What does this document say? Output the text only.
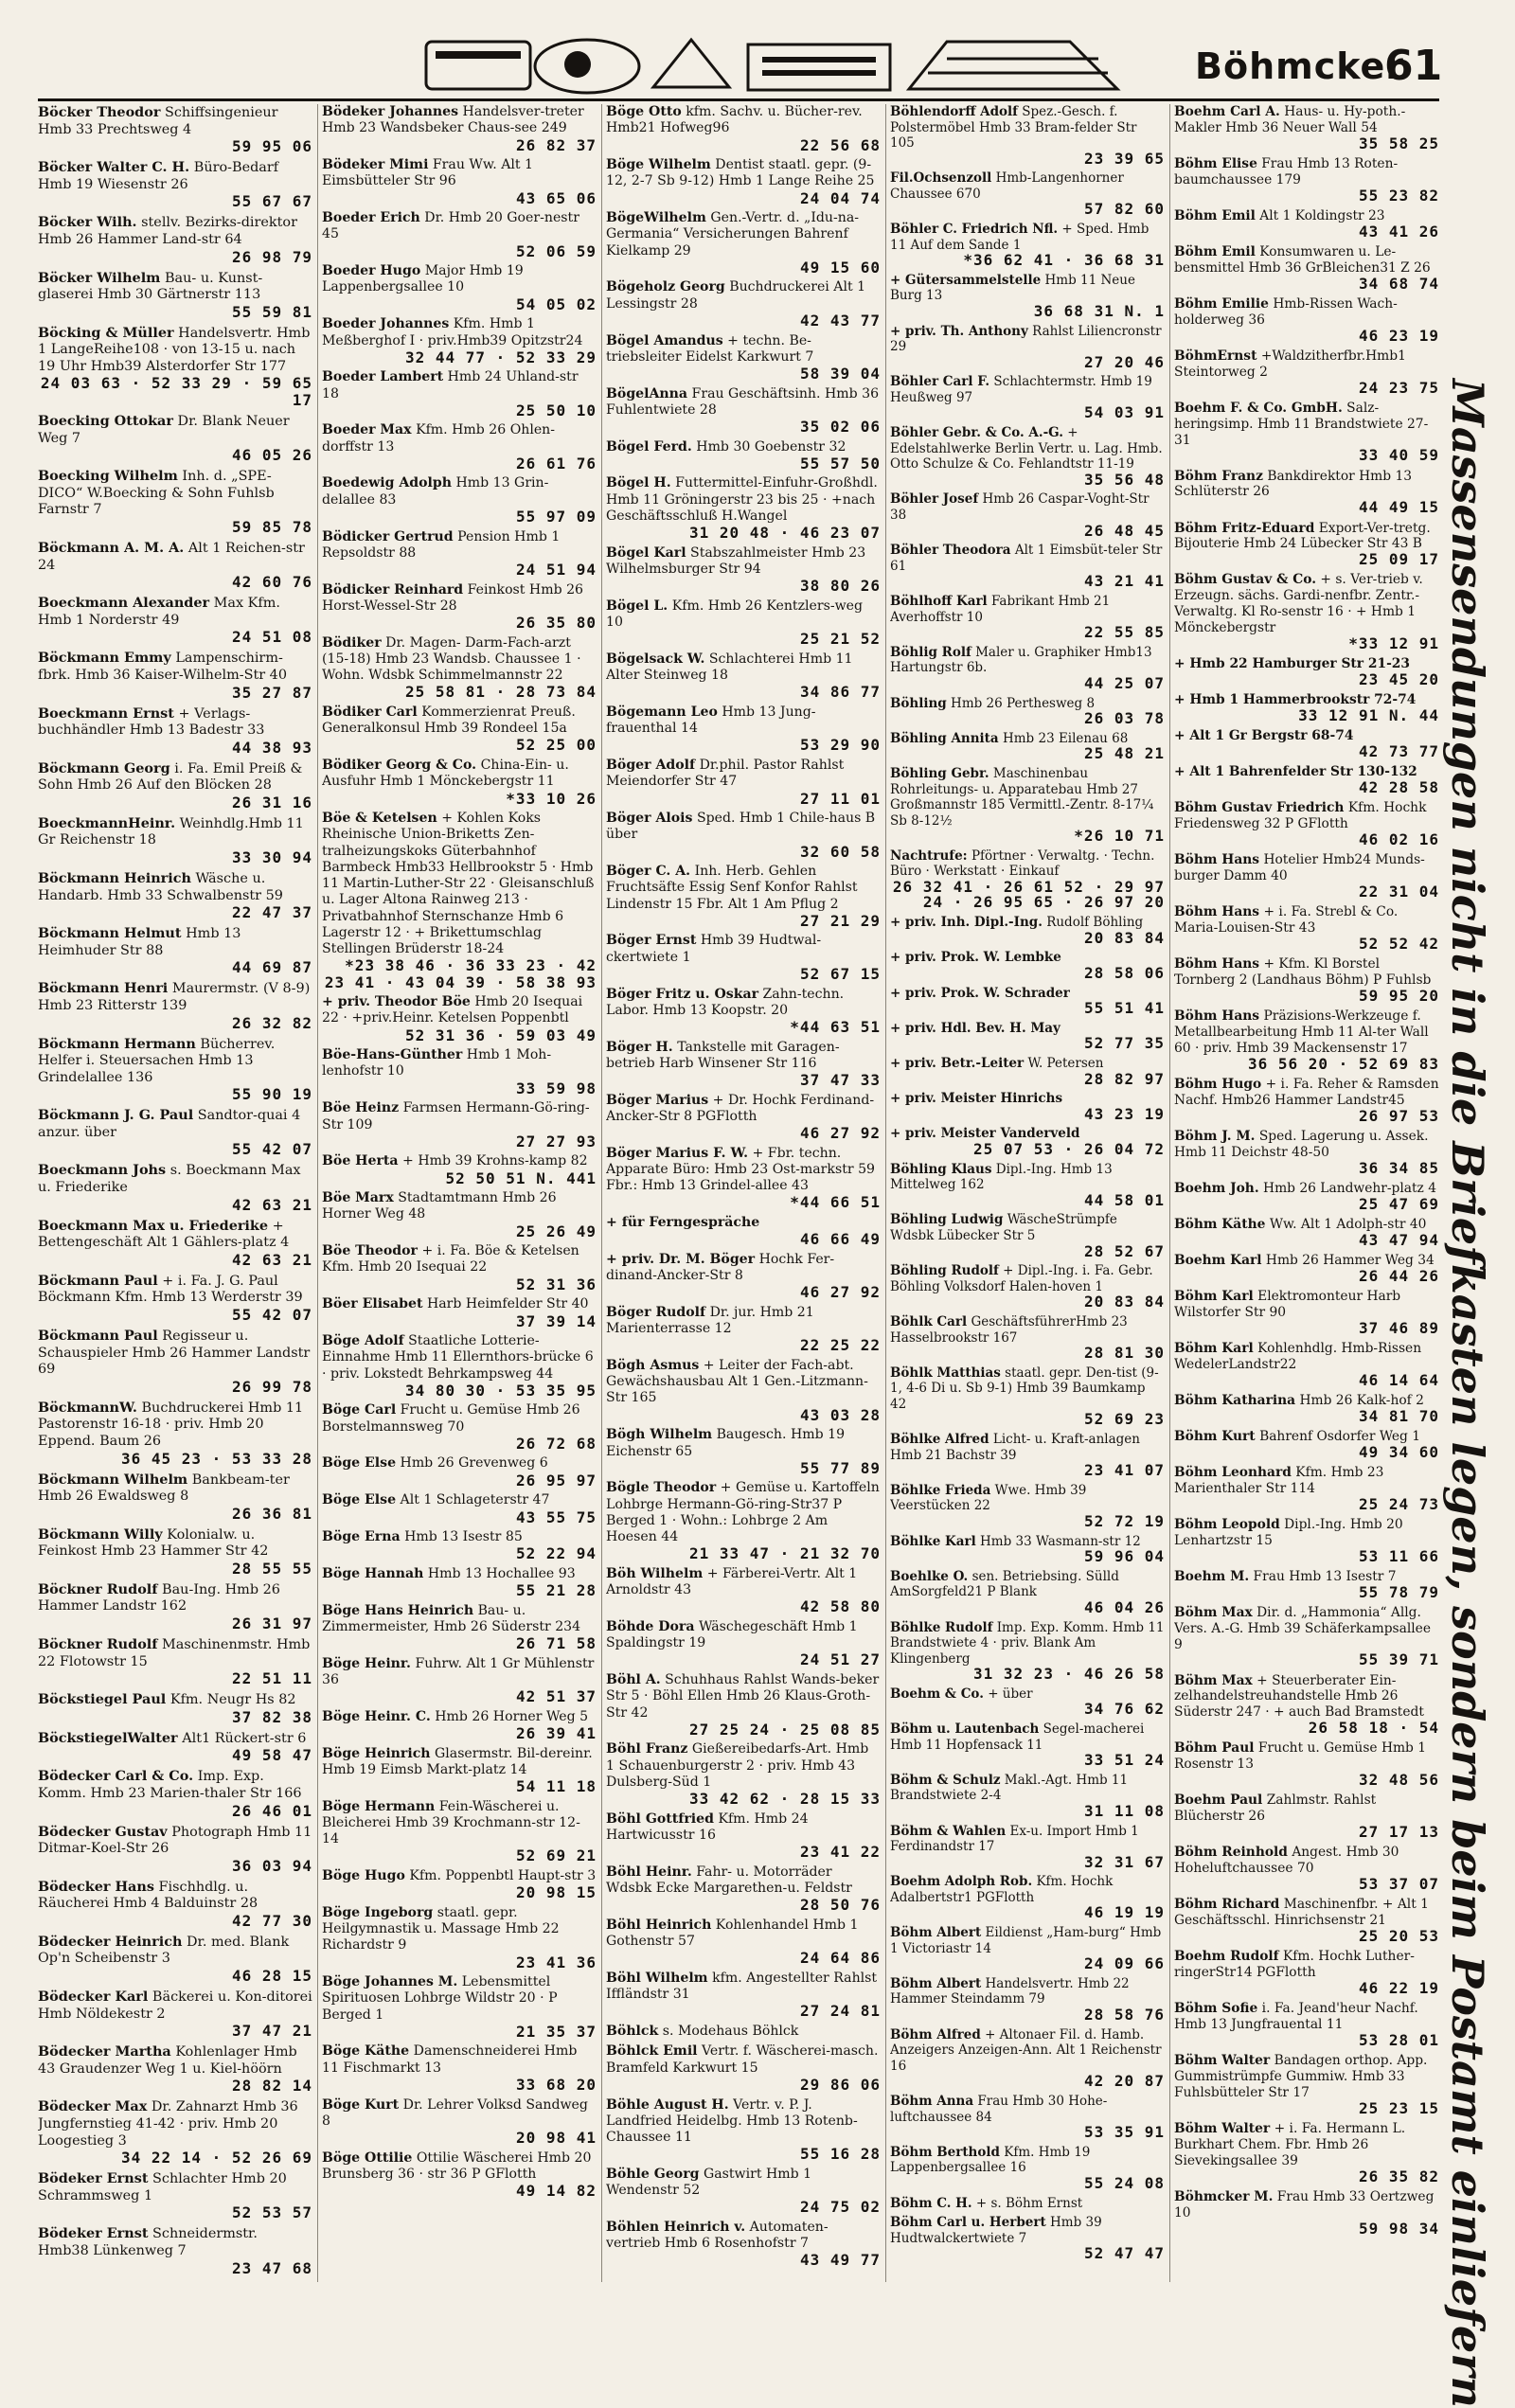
Böhmcker
61
Böcker Theodor Schiffsingenieur Hmb 33 Prechtsweg 4
59 95 06
Böcker Walter C. H. Büro-Bedarf Hmb 19 Wiesenstr 26
55 67 67
Böcker Wilh. stellv. Bezirks-direktor Hmb 26 Hammer Land-str 64
26 98 79
Böcker Wilhelm Bau- u. Kunst-glaserei Hmb 30 Gärtnerstr 113
55 59 81
Böcking & Müller Handelsvertr. Hmb 1 LangeReihe108 · von 13-15 u. nach 19 Uhr Hmb39 Alsterdorfer Str 177
24 03 63 · 52 33 29 · 59 65 17
Boecking Ottokar Dr. Blank Neuer Weg 7
46 05 26
Boecking Wilhelm Inh. d. „SPE-DICO“ W.Boecking & Sohn Fuhlsb Farnstr 7
59 85 78
Böckmann A. M. A. Alt 1 Reichen-str 24
42 60 76
Boeckmann Alexander Max Kfm. Hmb 1 Norderstr 49
24 51 08
Böckmann Emmy Lampenschirm-fbrk. Hmb 36 Kaiser-Wilhelm-Str 40
35 27 87
Boeckmann Ernst + Verlags-buchhändler Hmb 13 Badestr 33
44 38 93
Böckmann Georg i. Fa. Emil Preiß & Sohn Hmb 26 Auf den Blöcken 28
26 31 16
BoeckmannHeinr. Weinhdlg.Hmb 11 Gr Reichenstr 18
33 30 94
Böckmann Heinrich Wäsche u. Handarb. Hmb 33 Schwalbenstr 59
22 47 37
Böckmann Helmut Hmb 13 Heimhuder Str 88
44 69 87
Böckmann Henri Maurermstr. (V 8-9) Hmb 23 Ritterstr 139
26 32 82
Böckmann Hermann Bücherrev. Helfer i. Steuersachen Hmb 13 Grindelallee 136
55 90 19
Böckmann J. G. Paul Sandtor-quai 4 anzur. über
55 42 07
Boeckmann Johs s. Boeckmann Max u. Friederike
42 63 21
Boeckmann Max u. Friederike + Bettengeschäft Alt 1 Gählers-platz 4
42 63 21
Böckmann Paul + i. Fa. J. G. Paul Böckmann Kfm. Hmb 13 Werderstr 39
55 42 07
Böckmann Paul Regisseur u. Schauspieler Hmb 26 Hammer Landstr 69
26 99 78
BöckmannW. Buchdruckerei Hmb 11 Pastorenstr 16-18 · priv. Hmb 20 Eppend. Baum 26
36 45 23 · 53 33 28
Böckmann Wilhelm Bankbeam-ter Hmb 26 Ewaldsweg 8
26 36 81
Böckmann Willy Kolonialw. u. Feinkost Hmb 23 Hammer Str 42
28 55 55
Böckner Rudolf Bau-Ing. Hmb 26 Hammer Landstr 162
26 31 97
Böckner Rudolf Maschinenmstr. Hmb 22 Flotowstr 15
22 51 11
Böckstiegel Paul Kfm. Neugr Hs 82
37 82 38
BöckstiegelWalter Alt1 Rückert-str 6
49 58 47
Bödecker Carl & Co. Imp. Exp. Komm. Hmb 23 Marien-thaler Str 166
26 46 01
Bödecker Gustav Photograph Hmb 11 Ditmar-Koel-Str 26
36 03 94
Bödecker Hans Fischhdlg. u. Räucherei Hmb 4 Balduinstr 28
42 77 30
Bödecker Heinrich Dr. med. Blank Op'n Scheibenstr 3
46 28 15
Bödecker Karl Bäckerei u. Kon-ditorei Hmb Nöldekestr 2
37 47 21
Bödecker Martha Kohlenlager Hmb 43 Graudenzer Weg 1 u. Kiel-höörn
28 82 14
Bödecker Max Dr. Zahnarzt Hmb 36 Jungfernstieg 41-42 · priv. Hmb 20 Loogestieg 3
34 22 14 · 52 26 69
Bödeker Ernst Schlachter Hmb 20 Schrammsweg 1
52 53 57
Bödeker Ernst Schneidermstr. Hmb38 Lünkenweg 7
23 47 68
Bödeker Johannes Handelsver-treter Hmb 23 Wandsbeker Chaus-see 249
26 82 37
Bödeker Mimi Frau Ww. Alt 1 Eimsbütteler Str 96
43 65 06
Boeder Erich Dr. Hmb 20 Goer-nestr 45
52 06 59
Boeder Hugo Major Hmb 19 Lappenbergsallee 10
54 05 02
Boeder Johannes Kfm. Hmb 1 Meßberghof I · priv.Hmb39 Opitzstr24
32 44 77 · 52 33 29
Boeder Lambert Hmb 24 Uhland-str 18
25 50 10
Boeder Max Kfm. Hmb 26 Ohlen-dorffstr 13
26 61 76
Boedewig Adolph Hmb 13 Grin-delallee 83
55 97 09
Bödicker Gertrud Pension Hmb 1 Repsoldstr 88
24 51 94
Bödicker Reinhard Feinkost Hmb 26 Horst-Wessel-Str 28
26 35 80
Bödiker Dr. Magen- Darm-Fach-arzt (15-18) Hmb 23 Wandsb. Chaussee 1 · Wohn. Wdsbk Schimmelmannstr 22
25 58 81 · 28 73 84
Bödiker Carl Kommerzienrat Preuß. Generalkonsul Hmb 39 Rondeel 15a
52 25 00
Bödiker Georg & Co. China-Ein- u. Ausfuhr Hmb 1 Mönckebergstr 11
*33 10 26
Böe & Ketelsen + Kohlen Koks Rheinische Union-Briketts Zen-tralheizungskoks Güterbahnhof Barmbeck Hmb33 Hellbrookstr 5 · Hmb 11 Martin-Luther-Str 22 · Gleisanschluß u. Lager Altona Rainweg 213 · Privatbahnhof Sternschanze Hmb 6 Lagerstr 12 · + Brikettumschlag Stellingen Brüderstr 18-24
*23 38 46 · 36 33 23 · 42 23 41 · 43 04 39 · 58 38 93
+ priv. Theodor Böe Hmb 20 Isequai 22 · +priv.Heinr. Ketelsen Poppenbtl
52 31 36 · 59 03 49
Böe-Hans-Günther Hmb 1 Moh-lenhofstr 10
33 59 98
Böe Heinz Farmsen Hermann-Gö-ring-Str 109
27 27 93
Böe Herta + Hmb 39 Krohns-kamp 82
52 50 51 N. 441
Böe Marx Stadtamtmann Hmb 26 Horner Weg 48
25 26 49
Böe Theodor + i. Fa. Böe & Ketelsen Kfm. Hmb 20 Isequai 22
52 31 36
Böer Elisabet Harb Heimfelder Str 40
37 39 14
Böge Adolf Staatliche Lotterie-Einnahme Hmb 11 Ellernthors-brücke 6 · priv. Lokstedt Behrkampsweg 44
34 80 30 · 53 35 95
Böge Carl Frucht u. Gemüse Hmb 26 Borstelmannsweg 70
26 72 68
Böge Else Hmb 26 Grevenweg 6
26 95 97
Böge Else Alt 1 Schlageterstr 47
43 55 75
Böge Erna Hmb 13 Isestr 85
52 22 94
Böge Hannah Hmb 13 Hochallee 93
55 21 28
Böge Hans Heinrich Bau- u. Zimmermeister, Hmb 26 Süderstr 234
26 71 58
Böge Heinr. Fuhrw. Alt 1 Gr Mühlenstr 36
42 51 37
Böge Heinr. C. Hmb 26 Horner Weg 5
26 39 41
Böge Heinrich Glasermstr. Bil-dereinr. Hmb 19 Eimsb Markt-platz 14
54 11 18
Böge Hermann Fein-Wäscherei u. Bleicherei Hmb 39 Krochmann-str 12-14
52 69 21
Böge Hugo Kfm. Poppenbtl Haupt-str 3
20 98 15
Böge Ingeborg staatl. gepr. Heilgymnastik u. Massage Hmb 22 Richardstr 9
23 41 36
Böge Johannes M. Lebensmittel Spirituosen Lohbrge Wildstr 20 · P Berged 1
21 35 37
Böge Käthe Damenschneiderei Hmb 11 Fischmarkt 13
33 68 20
Böge Kurt Dr. Lehrer Volksd Sandweg 8
20 98 41
Böge Ottilie Ottilie Wäscherei Hmb 20 Brunsberg 36 · str 36 P GFlotth
49 14 82
Böge Otto kfm. Sachv. u. Bücher-rev. Hmb21 Hofweg96
22 56 68
Böge Wilhelm Dentist staatl. gepr. (9-12, 2-7 Sb 9-12) Hmb 1 Lange Reihe 25
24 04 74
BögeWilhelm Gen.-Vertr. d. „Idu-na-Germania“ Versicherungen Bahrenf Kielkamp 29
49 15 60
Bögeholz Georg Buchdruckerei Alt 1 Lessingstr 28
42 43 77
Bögel Amandus + techn. Be-triebsleiter Eidelst Karkwurt 7
58 39 04
BögelAnna Frau Geschäftsinh. Hmb 36 Fuhlentwiete 28
35 02 06
Bögel Ferd. Hmb 30 Goebenstr 32
55 57 50
Bögel H. Futtermittel-Einfuhr-Großhdl. Hmb 11 Gröningerstr 23 bis 25 · +nach Geschäftsschluß H.Wangel
31 20 48 · 46 23 07
Bögel Karl Stabszahlmeister Hmb 23 Wilhelmsburger Str 94
38 80 26
Bögel L. Kfm. Hmb 26 Kentzlers-weg 10
25 21 52
Bögelsack W. Schlachterei Hmb 11 Alter Steinweg 18
34 86 77
Bögemann Leo Hmb 13 Jung-frauenthal 14
53 29 90
Böger Adolf Dr.phil. Pastor Rahlst Meiendorfer Str 47
27 11 01
Böger Alois Sped. Hmb 1 Chile-haus B über
32 60 58
Böger C. A. Inh. Herb. Gehlen Fruchtsäfte Essig Senf Konfor Rahlst Lindenstr 15 Fbr. Alt 1 Am Pflug 2
27 21 29
Böger Ernst Hmb 39 Hudtwal-ckertwiete 1
52 67 15
Böger Fritz u. Oskar Zahn-techn. Labor. Hmb 13 Koopstr. 20
*44 63 51
Böger H. Tankstelle mit Garagen-betrieb Harb Winsener Str 116
37 47 33
Böger Marius + Dr. Hochk Ferdinand-Ancker-Str 8 PGFlotth
46 27 92
Böger Marius F. W. + Fbr. techn. Apparate Büro: Hmb 23 Ost-markstr 59 Fbr.: Hmb 13 Grindel-allee 43
*44 66 51
+ für Ferngespräche
46 66 49
+ priv. Dr. M. Böger Hochk Fer-dinand-Ancker-Str 8
46 27 92
Böger Rudolf Dr. jur. Hmb 21 Marienterrasse 12
22 25 22
Bögh Asmus + Leiter der Fach-abt. Gewächshausbau Alt 1 Gen.-Litzmann-Str 165
43 03 28
Bögh Wilhelm Baugesch. Hmb 19 Eichenstr 65
55 77 89
Bögle Theodor + Gemüse u. Kartoffeln Lohbrge Hermann-Gö-ring-Str37 P Berged 1 · Wohn.: Lohbrge 2 Am Hoesen 44
21 33 47 · 21 32 70
Böh Wilhelm + Färberei-Vertr. Alt 1 Arnoldstr 43
42 58 80
Böhde Dora Wäschegeschäft Hmb 1 Spaldingstr 19
24 51 27
Böhl A. Schuhhaus Rahlst Wands-beker Str 5 · Böhl Ellen Hmb 26 Klaus-Groth-Str 42
27 25 24 · 25 08 85
Böhl Franz Gießereibedarfs-Art. Hmb 1 Schauenburgerstr 2 · priv. Hmb 43 Dulsberg-Süd 1
33 42 62 · 28 15 33
Böhl Gottfried Kfm. Hmb 24 Hartwicusstr 16
23 41 22
Böhl Heinr. Fahr- u. Motorräder Wdsbk Ecke Margarethen-u. Feldstr
28 50 76
Böhl Heinrich Kohlenhandel Hmb 1 Gothenstr 57
24 64 86
Böhl Wilhelm kfm. Angestellter Rahlst Iffländstr 31
27 24 81
Böhlck s. Modehaus Böhlck
Böhlck Emil Vertr. f. Wäscherei-masch. Bramfeld Karkwurt 15
29 86 06
Böhle August H. Vertr. v. P. J. Landfried Heidelbg. Hmb 13 Rotenb-Chaussee 11
55 16 28
Böhle Georg Gastwirt Hmb 1 Wendenstr 52
24 75 02
Böhlen Heinrich v. Automaten-vertrieb Hmb 6 Rosenhofstr 7
43 49 77
Böhlendorff Adolf Spez.-Gesch. f. Polstermöbel Hmb 33 Bram-felder Str 105
23 39 65
Fil.Ochsenzoll Hmb-Langenhorner Chaussee 670
57 82 60
Böhler C. Friedrich Nfl. + Sped. Hmb 11 Auf dem Sande 1
*36 62 41 · 36 68 31
+ Gütersammelstelle Hmb 11 Neue Burg 13
36 68 31 N. 1
+ priv. Th. Anthony Rahlst Liliencronstr 29
27 20 46
Böhler Carl F. Schlachtermstr. Hmb 19 Heußweg 97
54 03 91
Böhler Gebr. & Co. A.-G. + Edelstahlwerke Berlin Vertr. u. Lag. Hmb. Otto Schulze & Co. Fehlandtstr 11-19
35 56 48
Böhler Josef Hmb 26 Caspar-Voght-Str 38
26 48 45
Böhler Theodora Alt 1 Eimsbüt-teler Str 61
43 21 41
Böhlhoff Karl Fabrikant Hmb 21 Averhoffstr 10
22 55 85
Böhlig Rolf Maler u. Graphiker Hmb13 Hartungstr 6b.
44 25 07
Böhling Hmb 26 Perthesweg 8
26 03 78
Böhling Annita Hmb 23 Eilenau 68
25 48 21
Böhling Gebr. Maschinenbau Rohrleitungs- u. Apparatebau Hmb 27 Großmannstr 185 Vermittl.-Zentr. 8-17¼ Sb 8-12½
*26 10 71
Nachtrufe: Pförtner · Verwaltg. · Techn. Büro · Werkstatt · Einkauf
26 32 41 · 26 61 52 · 29 97 24 · 26 95 65 · 26 97 20
+ priv. Inh. Dipl.-Ing. Rudolf Böhling
20 83 84
+ priv. Prok. W. Lembke
28 58 06
+ priv. Prok. W. Schrader
55 51 41
+ priv. Hdl. Bev. H. May
52 77 35
+ priv. Betr.-Leiter W. Petersen
28 82 97
+ priv. Meister Hinrichs
43 23 19
+ priv. Meister Vanderveld
25 07 53 · 26 04 72
Böhling Klaus Dipl.-Ing. Hmb 13 Mittelweg 162
44 58 01
Böhling Ludwig WäscheStrümpfe Wdsbk Lübecker Str 5
28 52 67
Böhling Rudolf + Dipl.-Ing. i. Fa. Gebr. Böhling Volksdorf Halen-hoven 1
20 83 84
Böhlk Carl GeschäftsführerHmb 23 Hasselbrookstr 167
28 81 30
Böhlk Matthias staatl. gepr. Den-tist (9-1, 4-6 Di u. Sb 9-1) Hmb 39 Baumkamp 42
52 69 23
Böhlke Alfred Licht- u. Kraft-anlagen Hmb 21 Bachstr 39
23 41 07
Böhlke Frieda Wwe. Hmb 39 Veerstücken 22
52 72 19
Böhlke Karl Hmb 33 Wasmann-str 12
59 96 04
Boehlke O. sen. Betriebsing. Sülld AmSorgfeld21 P Blank
46 04 26
Böhlke Rudolf Imp. Exp. Komm. Hmb 11 Brandstwiete 4 · priv. Blank Am Klingenberg
31 32 23 · 46 26 58
Boehm & Co. + über
34 76 62
Böhm u. Lautenbach Segel-macherei Hmb 11 Hopfensack 11
33 51 24
Böhm & Schulz Makl.-Agt. Hmb 11 Brandstwiete 2-4
31 11 08
Böhm & Wahlen Ex-u. Import Hmb 1 Ferdinandstr 17
32 31 67
Boehm Adolph Rob. Kfm. Hochk Adalbertstr1 PGFlotth
46 19 19
Böhm Albert Eildienst „Ham-burg“ Hmb 1 Victoriastr 14
24 09 66
Böhm Albert Handelsvertr. Hmb 22 Hammer Steindamm 79
28 58 76
Böhm Alfred + Altonaer Fil. d. Hamb. Anzeigers Anzeigen-Ann. Alt 1 Reichenstr 16
42 20 87
Böhm Anna Frau Hmb 30 Hohe-luftchaussee 84
53 35 91
Böhm Berthold Kfm. Hmb 19 Lappenbergsallee 16
55 24 08
Böhm C. H. + s. Böhm Ernst
Böhm Carl u. Herbert Hmb 39 Hudtwalckertwiete 7
52 47 47
Boehm Carl A. Haus- u. Hy-poth.-Makler Hmb 36 Neuer Wall 54
35 58 25
Böhm Elise Frau Hmb 13 Roten-baumchaussee 179
55 23 82
Böhm Emil Alt 1 Koldingstr 23
43 41 26
Böhm Emil Konsumwaren u. Le-bensmittel Hmb 36 GrBleichen31 Z 26
34 68 74
Böhm Emilie Hmb-Rissen Wach-holderweg 36
46 23 19
BöhmErnst +Waldzitherfbr.Hmb1 Steintorweg 2
24 23 75
Boehm F. & Co. GmbH. Salz-heringsimp. Hmb 11 Brandstwiete 27-31
33 40 59
Böhm Franz Bankdirektor Hmb 13 Schlüterstr 26
44 49 15
Böhm Fritz-Eduard Export-Ver-tretg. Bijouterie Hmb 24 Lübecker Str 43 B
25 09 17
Böhm Gustav & Co. + s. Ver-trieb v. Erzeugn. sächs. Gardi-nenfbr. Zentr.-Verwaltg. Kl Ro-senstr 16 · + Hmb 1 Mönckebergstr
*33 12 91
+ Hmb 22 Hamburger Str 21-23
23 45 20
+ Hmb 1 Hammerbrookstr 72-74
33 12 91 N. 44
+ Alt 1 Gr Bergstr 68-74
42 73 77
+ Alt 1 Bahrenfelder Str 130-132
42 28 58
Böhm Gustav Friedrich Kfm. Hochk Friedensweg 32 P GFlotth
46 02 16
Böhm Hans Hotelier Hmb24 Munds-burger Damm 40
22 31 04
Böhm Hans + i. Fa. Strebl & Co. Maria-Louisen-Str 43
52 52 42
Böhm Hans + Kfm. Kl Borstel Tornberg 2 (Landhaus Böhm) P Fuhlsb
59 95 20
Böhm Hans Präzisions-Werkzeuge f. Metallbearbeitung Hmb 11 Al-ter Wall 60 · priv. Hmb 39 Mackensenstr 17
36 56 20 · 52 69 83
Böhm Hugo + i. Fa. Reher & Ramsden Nachf. Hmb26 Hammer Landstr45
26 97 53
Böhm J. M. Sped. Lagerung u. Assek. Hmb 11 Deichstr 48-50
36 34 85
Boehm Joh. Hmb 26 Landwehr-platz 4
25 47 69
Böhm Käthe Ww. Alt 1 Adolph-str 40
43 47 94
Boehm Karl Hmb 26 Hammer Weg 34
26 44 26
Böhm Karl Elektromonteur Harb Wilstorfer Str 90
37 46 89
Böhm Karl Kohlenhdlg. Hmb-Rissen WedelerLandstr22
46 14 64
Böhm Katharina Hmb 26 Kalk-hof 2
34 81 70
Böhm Kurt Bahrenf Osdorfer Weg 1
49 34 60
Böhm Leonhard Kfm. Hmb 23 Marienthaler Str 114
25 24 73
Böhm Leopold Dipl.-Ing. Hmb 20 Lenhartzstr 15
53 11 66
Boehm M. Frau Hmb 13 Isestr 7
55 78 79
Böhm Max Dir. d. „Hammonia“ Allg. Vers. A.-G. Hmb 39 Schäferkampsallee 9
55 39 71
Böhm Max + Steuerberater Ein-zelhandelstreuhandstelle Hmb 26 Süderstr 247 · + auch Bad Bramstedt
26 58 18 · 54
Böhm Paul Frucht u. Gemüse Hmb 1 Rosenstr 13
32 48 56
Boehm Paul Zahlmstr. Rahlst Blücherstr 26
27 17 13
Böhm Reinhold Angest. Hmb 30 Hoheluftchaussee 70
53 37 07
Böhm Richard Maschinenfbr. + Alt 1 Geschäftsschl. Hinrichsenstr 21
25 20 53
Boehm Rudolf Kfm. Hochk Luther-ringerStr14 PGFlotth
46 22 19
Böhm Sofie i. Fa. Jeand'heur Nachf. Hmb 13 Jungfrauental 11
53 28 01
Böhm Walter Bandagen orthop. App. Gummistrümpfe Gummiw. Hmb 33 Fuhlsbütteler Str 17
25 23 15
Böhm Walter + i. Fa. Hermann L. Burkhart Chem. Fbr. Hmb 26 Sievekingsallee 39
26 35 82
Böhmcker M. Frau Hmb 33 Oertzweg 10
59 98 34 Massensendungen nicht in die Briefkasten legen, sondern beim Postamt einliefern
